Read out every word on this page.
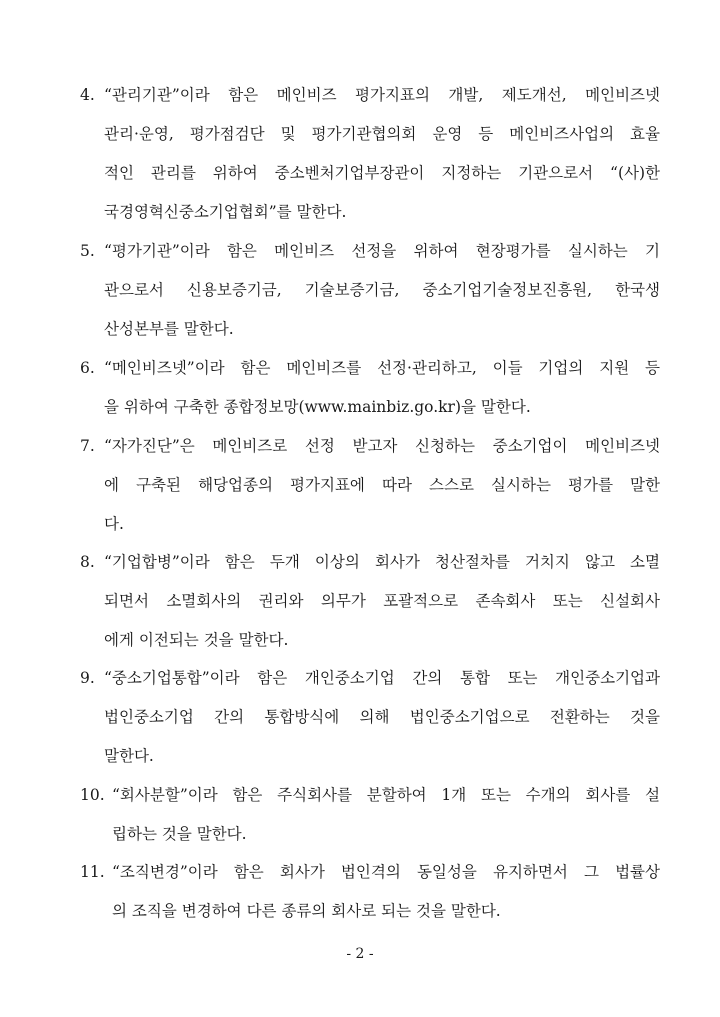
4. “관리기관”이라 함은 메인비즈 평가지표의 개발, 제도개선, 메인비즈넷
관리·운영, 평가점검단 및 평가기관협의회 운영 등 메인비즈사업의 효율
적인 관리를 위하여 중소벤처기업부장관이 지정하는 기관으로서 “(사)한
국경영혁신중소기업협회”를 말한다.
5. “평가기관”이라 함은 메인비즈 선정을 위하여 현장평가를 실시하는 기
관으로서 신용보증기금, 기술보증기금, 중소기업기술정보진흥원, 한국생
산성본부를 말한다.
6. “메인비즈넷”이라 함은 메인비즈를 선정·관리하고, 이들 기업의 지원 등
을 위하여 구축한 종합정보망(www.mainbiz.go.kr)을 말한다.
7. “자가진단”은 메인비즈로 선정 받고자 신청하는 중소기업이 메인비즈넷
에 구축된 해당업종의 평가지표에 따라 스스로 실시하는 평가를 말한
다.
8. “기업합병”이라 함은 두개 이상의 회사가 청산절차를 거치지 않고 소멸
되면서 소멸회사의 권리와 의무가 포괄적으로 존속회사 또는 신설회사
에게 이전되는 것을 말한다.
9. “중소기업통합”이라 함은 개인중소기업 간의 통합 또는 개인중소기업과
법인중소기업 간의 통합방식에 의해 법인중소기업으로 전환하는 것을
말한다.
10. “회사분할”이라 함은 주식회사를 분할하여 1개 또는 수개의 회사를 설
립하는 것을 말한다.
11. “조직변경”이라 함은 회사가 법인격의 동일성을 유지하면서 그 법률상
의 조직을 변경하여 다른 종류의 회사로 되는 것을 말한다.
- 2 -
